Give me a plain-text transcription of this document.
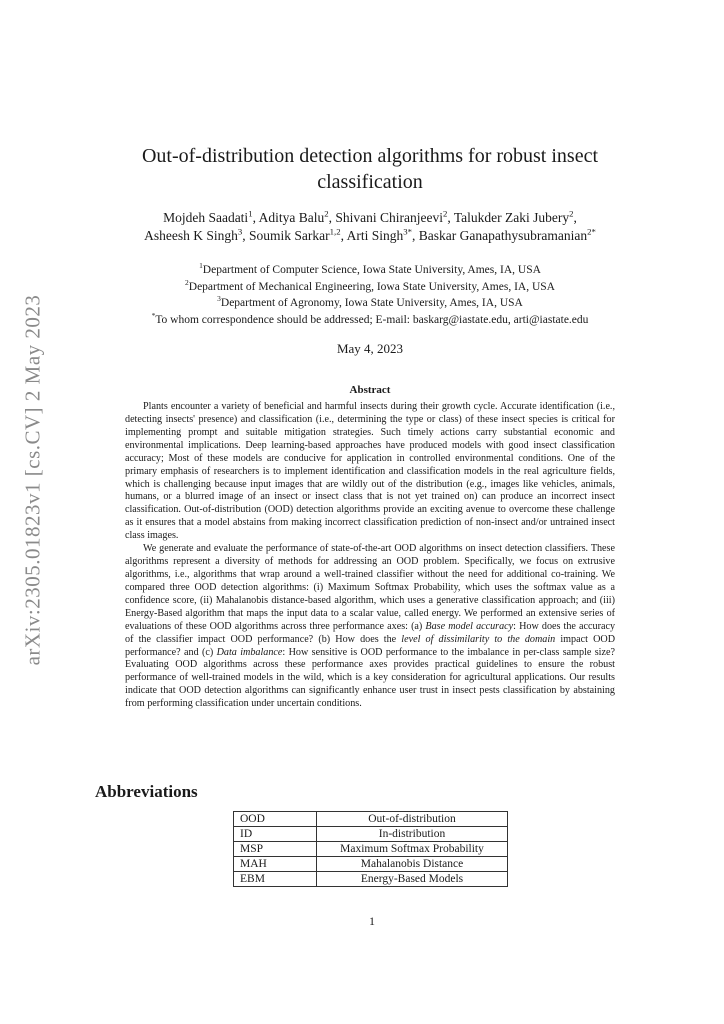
arXiv:2305.01823v1 [cs.CV] 2 May 2023
Out-of-distribution detection algorithms for robust insect classification
Mojdeh Saadati$^1$, Aditya Balu$^2$, Shivani Chiranjeevi$^2$, Talukder Zaki Jubery$^2$,
Asheesh K Singh$^3$, Soumik Sarkar$^{1,2}$, Arti Singh$^{3*}$, Baskar Ganapathysubramanian$^{2*}$
$^1$Department of Computer Science, Iowa State University, Ames, IA, USA
$^2$Department of Mechanical Engineering, Iowa State University, Ames, IA, USA
$^3$Department of Agronomy, Iowa State University, Ames, IA, USA
*To whom correspondence should be addressed; E-mail: baskarg@iastate.edu, arti@iastate.edu
May 4, 2023
Abstract

Plants encounter a variety of beneficial and harmful insects during their growth cycle. Accurate identification (i.e., detecting insects' presence) and classification (i.e., determining the type or class) of these insect species is critical for implementing prompt and suitable mitigation strategies. Such timely actions carry substantial economic and environmental implications. Deep learning-based approaches have produced models with good insect classification accuracy; Most of these models are conducive for application in controlled environmental conditions. One of the primary emphasis of researchers is to implement identification and classification models in the real agriculture fields, which is challenging because input images that are wildly out of the distribution (e.g., images like vehicles, animals, humans, or a blurred image of an insect or insect class that is not yet trained on) can produce an incorrect insect classification. Out-of-distribution (OOD) detection algorithms provide an exciting avenue to overcome these challenge as it ensures that a model abstains from making incorrect classification prediction of non-insect and/or untrained insect class images.

We generate and evaluate the performance of state-of-the-art OOD algorithms on insect detection classifiers. These algorithms represent a diversity of methods for addressing an OOD problem. Specifically, we focus on extrusive algorithms, i.e., algorithms that wrap around a well-trained classifier without the need for additional co-training. We compared three OOD detection algorithms: (i) Maximum Softmax Probability, which uses the softmax value as a confidence score, (ii) Mahalanobis distance-based algorithm, which uses a generative classification approach; and (iii) Energy-Based algorithm that maps the input data to a scalar value, called energy. We performed an extensive series of evaluations of these OOD algorithms across three performance axes: (a) Base model accuracy: How does the accuracy of the classifier impact OOD performance? (b) How does the level of dissimilarity to the domain impact OOD performance? and (c) Data imbalance: How sensitive is OOD performance to the imbalance in per-class sample size? Evaluating OOD algorithms across these performance axes provides practical guidelines to ensure the robust performance of well-trained models in the wild, which is a key consideration for agricultural applications. Our results indicate that OOD detection algorithms can significantly enhance user trust in insect pests classification by abstaining from performing classification under uncertain conditions.

Abbreviations
OOD	Out-of-distribution
ID	In-distribution
MSP	Maximum Softmax Probability
MAH	Mahalanobis Distance
EBM	Energy-Based Models
1
